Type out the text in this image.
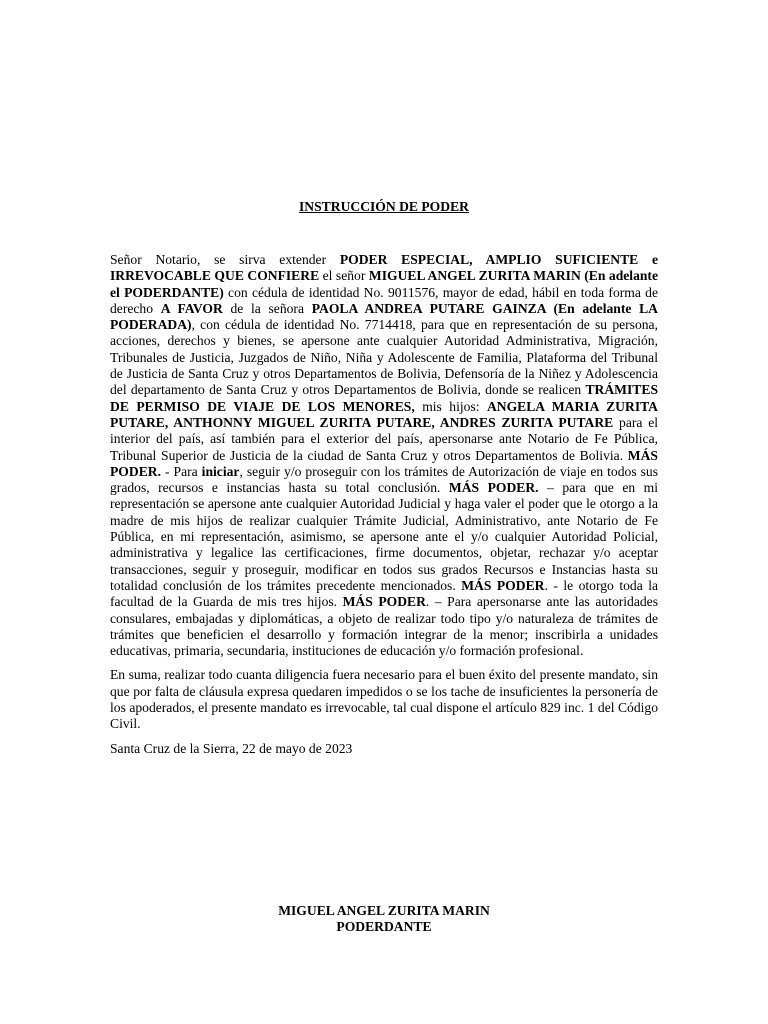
INSTRUCCIÓN DE PODER

Señor Notario, se sirva extender PODER ESPECIAL, AMPLIO SUFICIENTE e IRREVOCABLE QUE CONFIERE el señor MIGUEL ANGEL ZURITA MARIN (En adelante el PODERDANTE) con cédula de identidad No. 9011576, mayor de edad, hábil en toda forma de derecho A FAVOR de la señora PAOLA ANDREA PUTARE GAINZA (En adelante LA PODERADA), con cédula de identidad No. 7714418, para que en representación de su persona, acciones, derechos y bienes, se apersone ante cualquier Autoridad Administrativa, Migración, Tribunales de Justicia, Juzgados de Niño, Niña y Adolescente de Familia, Plataforma del Tribunal de Justicia de Santa Cruz y otros Departamentos de Bolivia, Defensoría de la Niñez y Adolescencia del departamento de Santa Cruz y otros Departamentos de Bolivia, donde se realicen TRÁMITES DE PERMISO DE VIAJE DE LOS MENORES, mis hijos: ANGELA MARIA ZURITA PUTARE, ANTHONNY MIGUEL ZURITA PUTARE, ANDRES ZURITA PUTARE para el interior del país, así también para el exterior del país, apersonarse ante Notario de Fe Pública, Tribunal Superior de Justicia de la ciudad de Santa Cruz y otros Departamentos de Bolivia. MÁS PODER. - Para iniciar, seguir y/o proseguir con los trámites de Autorización de viaje en todos sus grados, recursos e instancias hasta su total conclusión. MÁS PODER. – para que en mi representación se apersone ante cualquier Autoridad Judicial y haga valer el poder que le otorgo a la madre de mis hijos de realizar cualquier Trámite Judicial, Administrativo, ante Notario de Fe Pública, en mi representación, asimismo, se apersone ante el y/o cualquier Autoridad Policial, administrativa y legalice las certificaciones, firme documentos, objetar, rechazar y/o aceptar transacciones, seguir y proseguir, modificar en todos sus grados Recursos e Instancias hasta su totalidad conclusión de los trámites precedente mencionados. MÁS PODER. - le otorgo toda la facultad de la Guarda de mis tres hijos. MÁS PODER. – Para apersonarse ante las autoridades consulares, embajadas y diplomáticas, a objeto de realizar todo tipo y/o naturaleza de trámites de trámites que beneficien el desarrollo y formación integrar de la menor; inscribirla a unidades educativas, primaria, secundaria, instituciones de educación y/o formación profesional.

En suma, realizar todo cuanta diligencia fuera necesario para el buen éxito del presente mandato, sin que por falta de cláusula expresa quedaren impedidos o se los tache de insuficientes la personería de los apoderados, el presente mandato es irrevocable, tal cual dispone el artículo 829 inc. 1 del Código Civil.

Santa Cruz de la Sierra, 22 de mayo de 2023

MIGUEL ANGEL ZURITA MARIN
PODERDANTE
